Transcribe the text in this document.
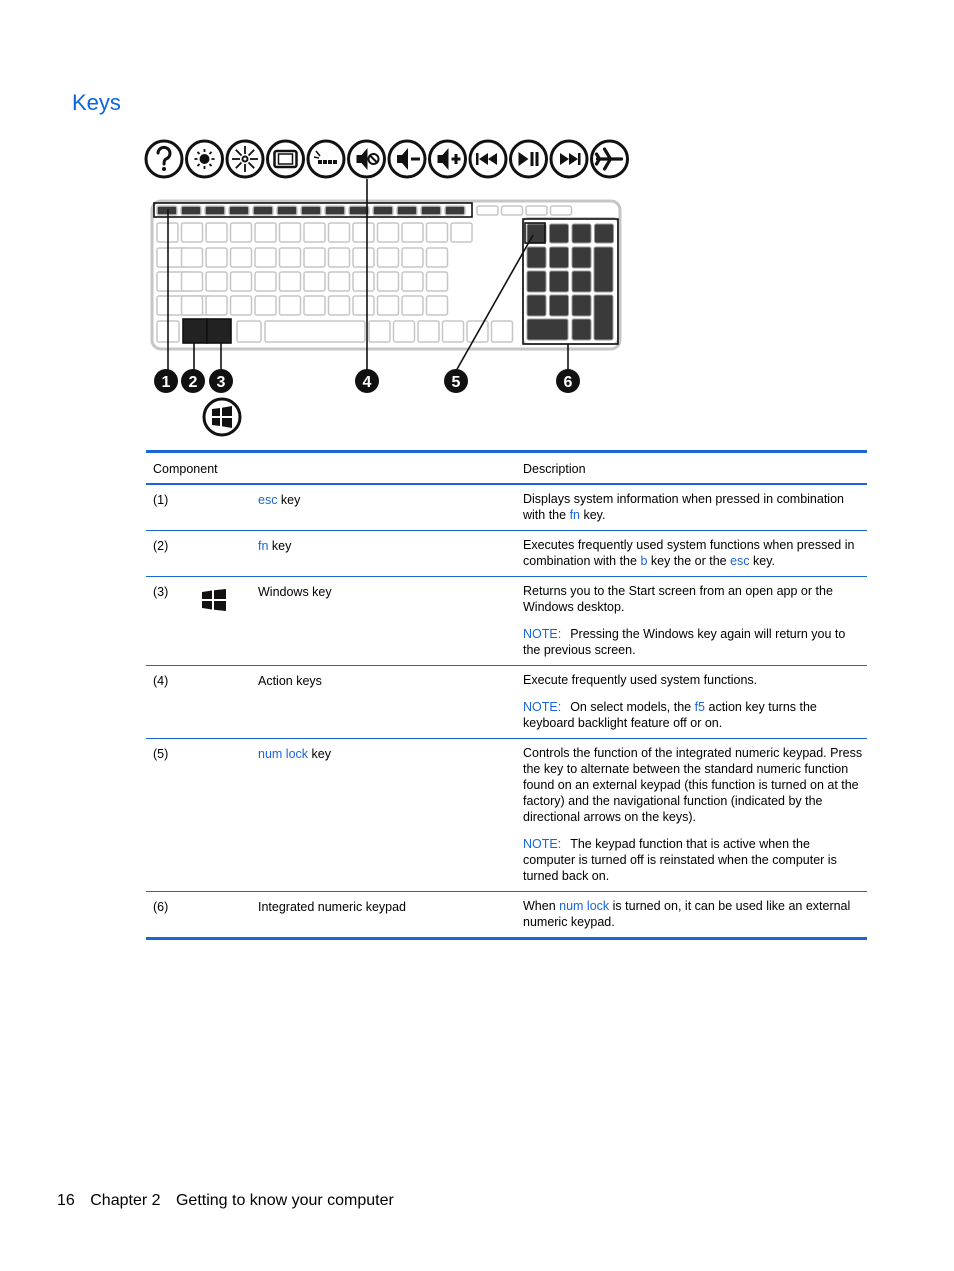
Keys
1 2 3	4	5	6
Component	Description
(1)	esc key	Displays system information when pressed in combination with the fn key.

(2)	fn key	Executes frequently used system functions when pressed in combination with the b key the or the esc key.

(3)	Windows key	Returns you to the Start screen from an open app or the Windows desktop.

NOTE: Pressing the Windows key again will return you to the previous screen.

(4)	Action keys	Execute frequently used system functions.

NOTE: On select models, the f5 action key turns the keyboard backlight feature off or on.

(5)	num lock key	Controls the function of the integrated numeric keypad. Press the key to alternate between the standard numeric function found on an external keypad (this function is turned on at the factory) and the navigational function (indicated by the directional arrows on the keys).

NOTE: The keypad function that is active when the computer is turned off is reinstated when the computer is turned back on.

(6)	Integrated numeric keypad	When num lock is turned on, it can be used like an external numeric keypad.

16 Chapter 2 Getting to know your computer
